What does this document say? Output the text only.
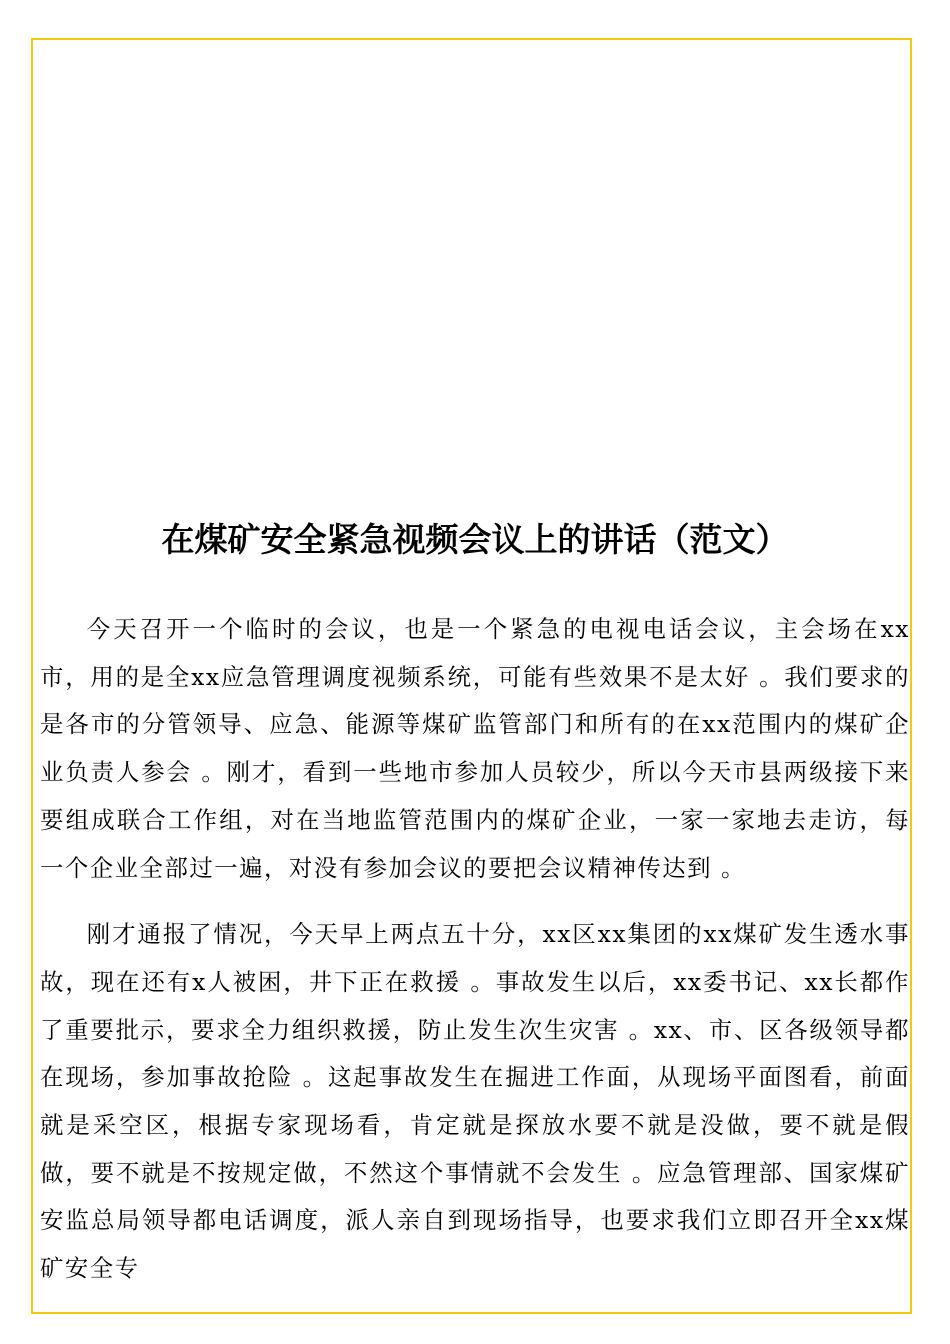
在煤矿安全紧急视频会议上的讲话（范文）

今天召开一个临时的会议，也是一个紧急的电视电话会议，主会场在xx市，用的是全xx应急管理调度视频系统，可能有些效果不是太好 。我们要求的是各市的分管领导、应急、能源等煤矿监管部门和所有的在xx范围内的煤矿企业负责人参会 。刚才，看到一些地市参加人员较少，所以今天市县两级接下来要组成联合工作组，对在当地监管范围内的煤矿企业，一家一家地去走访，每一个企业全部过一遍，对没有参加会议的要把会议精神传达到 。

刚才通报了情况，今天早上两点五十分，xx区xx集团的xx煤矿发生透水事故，现在还有x人被困，井下正在救援 。事故发生以后，xx委书记、xx长都作了重要批示，要求全力组织救援，防止发生次生灾害 。xx、市、区各级领导都在现场，参加事故抢险 。这起事故发生在掘进工作面，从现场平面图看，前面就是采空区，根据专家现场看，肯定就是探放水要不就是没做，要不就是假做，要不就是不按规定做，不然这个事情就不会发生 。应急管理部、国家煤矿安监总局领导都电话调度，派人亲自到现场指导，也要求我们立即召开全xx煤矿安全专
